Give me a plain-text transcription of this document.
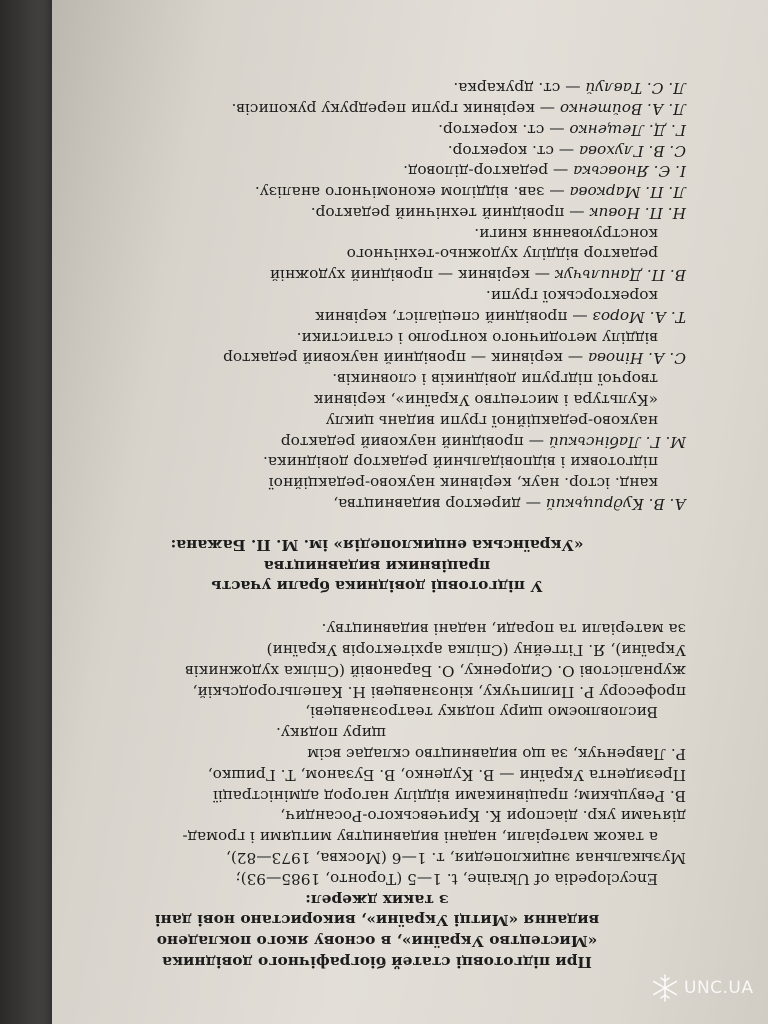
При підготовці статей біографічного довідника

«Мистецтво України», в основу якого покладено

видання «Митці України», використано нові дані

з таких джерел:

Encyclopedia of Ukraine, t. 1—5 (Торонто, 1985—93);

Музыкальная энциклопедия, т. 1—6 (Москва, 1973—82),

а також матеріали, надані видавництву митцями і громад-

діячами укр. діаспори К. Кричевського-Росандич,

В. Ревуцьким; працівниками відділу нагород адміністрації

Президента України — В. Куденко, В. Бузаном, Т. Гришко,

Р. Лавренчук, за що видавництво складає всім

щиру подяку.

Висловлюємо щиру подяку театрознавцеві,

професору Р. Пилипчуку, кінознавцеві Н. Капельгородській,

журналістові О. Сидоренку, О. Барановій (Спілка художників

України), Я. Гітгейну (Спілка архітекторів України)

за матеріали та поради, надані видавництву.

У підготовці довідника брали участь

працівники видавництва

«Українська енциклопедія» ім. М. П. Бажана:

А. В. Кудрицький — директор видавництва,

канд. істор. наук, керівник науково-редакційної

підготовки і відповідальний редактор довідника.

М. Г. Лабінський — провідний науковий редактор

науково-редакційної групи видань циклу

«Культура і мистецтво України», керівник

творчої підгрупи довідників і словників.

С. А. Ніпова — керівник — провідний науковий редактор

відділу методичного контролю і статистики.

Т. А. Мороз — провідний спеціаліст, керівник

коректорської групи.

В. П. Данильчук — керівник — провідний художній

редактор відділу художньо-технічного

конструювання книги.

Н. П. Новик — провідний технічний редактор.

Л. П. Маркова — зав. відділом економічного аналізу.

І. Є. Яновська — редактор-діловод.

С. В. Глухова — ст. коректор.

Г. Д. Лещенко — ст. коректор.

Л. А. Войтенко — керівник групи передруку рукописів.

Л. С. Тавлуй — ст. друкарка.

UNC.UA
